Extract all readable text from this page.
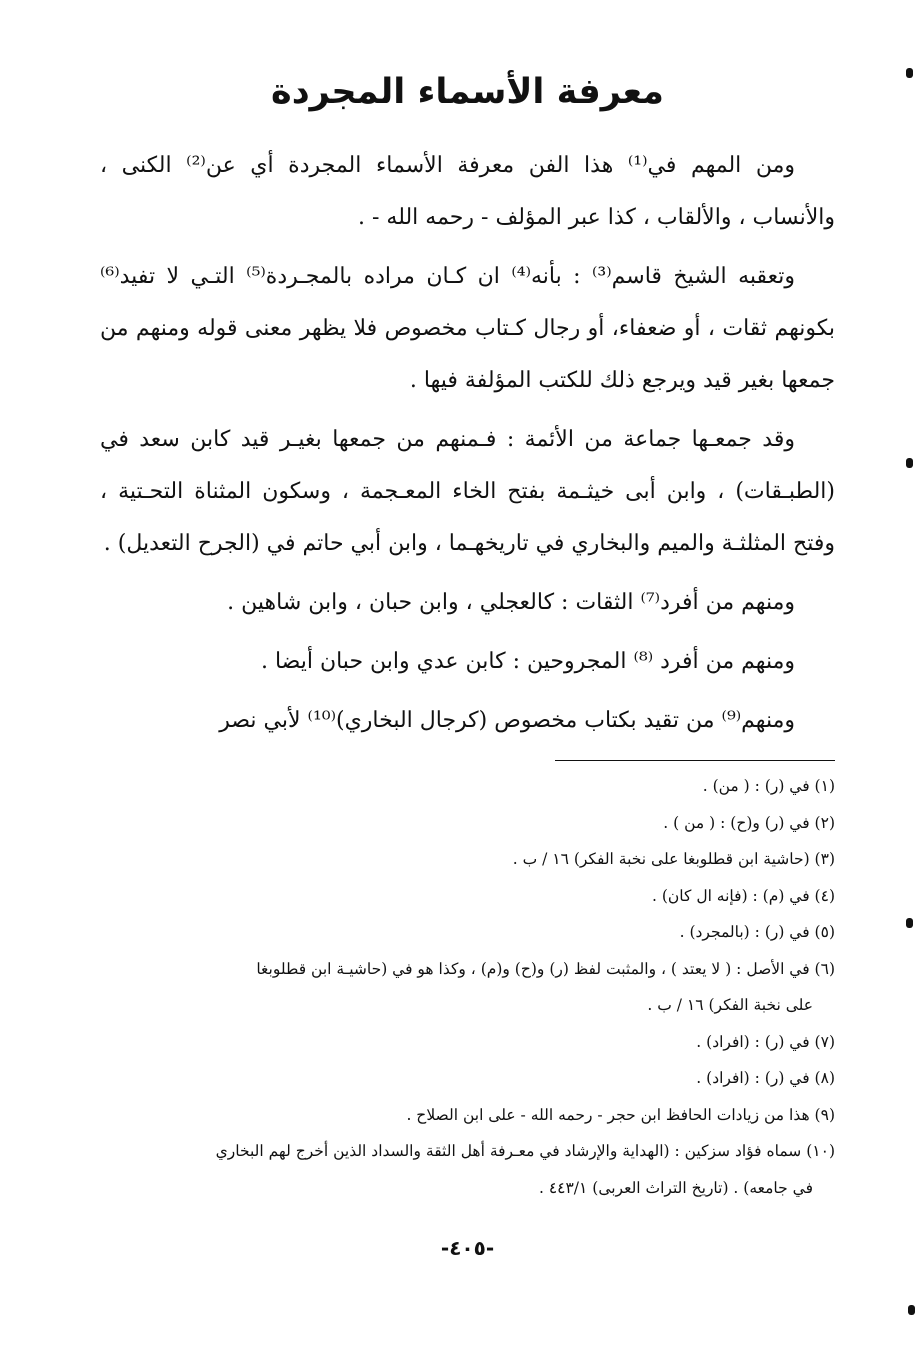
معرفة الأسماء المجردة

ومن المهم في⁽¹⁾ هذا الفن معرفة الأسماء المجردة أي عن⁽²⁾ الكنى ، والأنساب ، والألقاب ، كذا عبر المؤلف - رحمه الله - .

وتعقبه الشيخ قاسم⁽³⁾ : بأنه⁽⁴⁾ ان كـان مراده بالمجـردة⁽⁵⁾ التـي لا تفيد⁽⁶⁾ بكونهم ثقات ، أو ضعفاء، أو رجال كـتاب مخصوص فلا يظهر معنى قوله ومنهم من جمعها بغير قيد ويرجع ذلك للكتب المؤلفة فيها .

وقد جمعـها جماعة من الأئمة : فـمنهم من جمعها بغيـر قيد كابن سعد في (الطبـقات) ، وابن أبى خيثـمة بفتح الخاء المعـجمة ، وسكون المثناة التحـتية ، وفتح المثلثـة والميم والبخاري في تاريخهـما ، وابن أبي حاتم في (الجرح التعديل) .

ومنهم من أفرد⁽⁷⁾ الثقات : كالعجلي ، وابن حبان ، وابن شاهين .

ومنهم من أفرد ⁽⁸⁾ المجروحين : كابن عدي وابن حبان أيضا .

ومنهم⁽⁹⁾ من تقيد بكتاب مخصوص (كرجال البخاري)⁽¹⁰⁾ لأبي نصر

(١) في (ر) : ( من) .

(٢) في (ر) و(ح) : ( من ) .

(٣) (حاشية ابن قطلوبغا على نخبة الفكر) ١٦ / ب .

(٤) في (م) : (فإنه ال كان) .

(٥) في (ر) : (بالمجرد) .

(٦) في الأصل : ( لا يعتد ) ، والمثبت لفظ (ر) و(ح) و(م) ، وكذا هو في (حاشيـة ابن قطلوبغا

على نخبة الفكر) ١٦ / ب .

(٧) في (ر) : (افراد) .

(٨) في (ر) : (افراد) .

(٩) هذا من زيادات الحافظ ابن حجر - رحمه الله - على ابن الصلاح .

(١٠) سماه فؤاد سزكين : (الهداية والإرشاد في معـرفة أهل الثقة والسداد الذين أخرج لهم البخاري

في جامعه) . (تاريخ التراث العربى) ٤٤٣/١ .

-٤٠٥-
